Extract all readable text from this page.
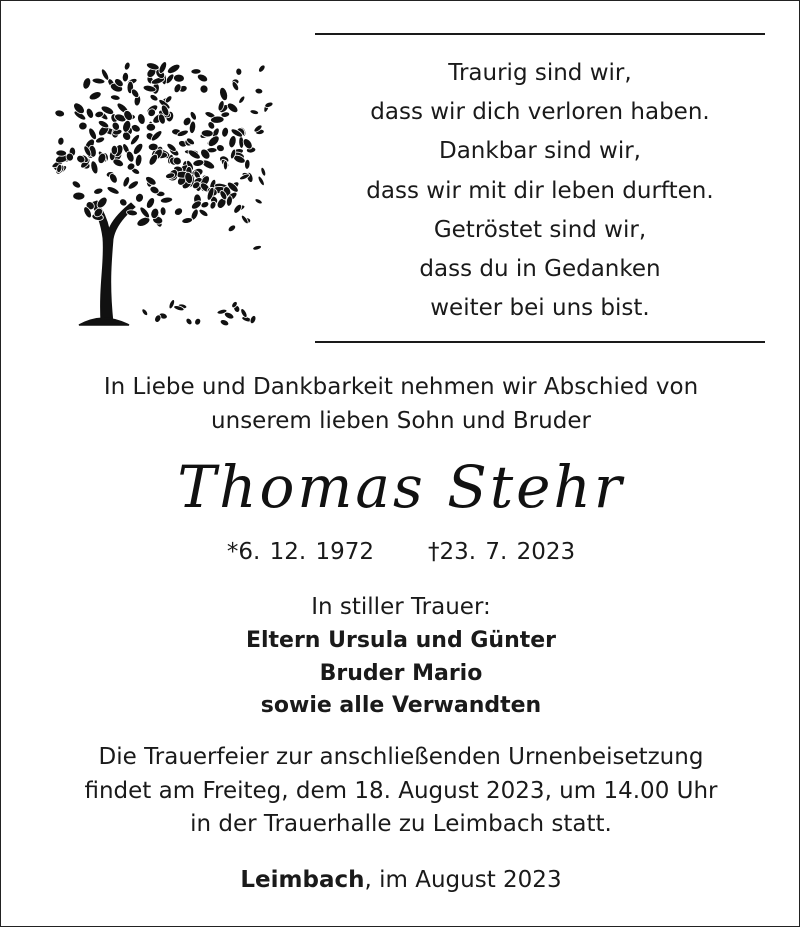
Traurig sind wir,
dass wir dich verloren haben.
Dankbar sind wir,
dass wir mit dir leben durften.
Getröstet sind wir,
dass du in Gedanken
weiter bei uns bist.
In Liebe und Dankbarkeit nehmen wir Abschied von
unserem lieben Sohn und Bruder
Thomas Stehr
*6. 12. 1972 †23. 7. 2023
In stiller Trauer:
Eltern Ursula und Günter
Bruder Mario
sowie alle Verwandten
Die Trauerfeier zur anschließenden Urnenbeisetzung
findet am Freiteg, dem 18. August 2023, um 14.00 Uhr
in der Trauerhalle zu Leimbach statt.
Leimbach, im August 2023
